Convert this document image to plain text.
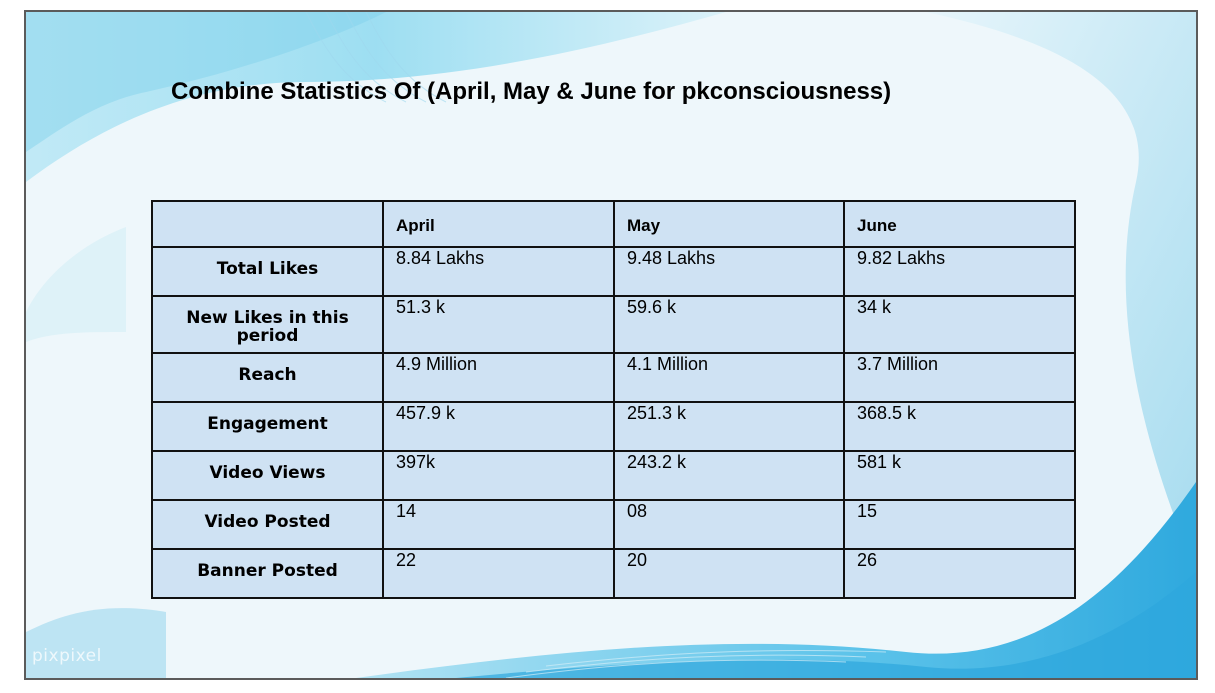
Combine Statistics Of (April, May & June for pkconsciousness)
	April	May	June
Total Likes	8.84 Lakhs	9.48 Lakhs	9.82 Lakhs
New Likes in this period	51.3 k	59.6 k	34 k
Reach	4.9 Million	4.1 Million	3.7 Million
Engagement	457.9 k	251.3 k	368.5 k
Video Views	397k	243.2 k	581 k
Video Posted	14	08	15
Banner Posted	22	20	26
pixpixel
